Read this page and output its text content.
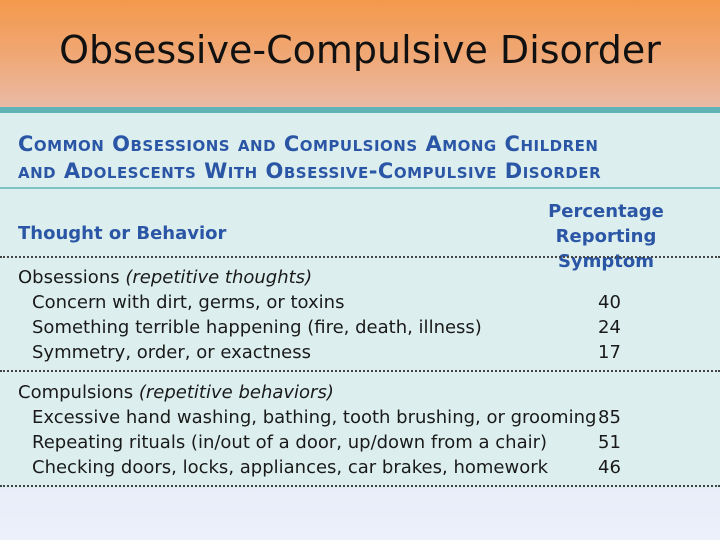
Obsessive-Compulsive Disorder
Common Obsessions and Compulsions Among Children
and Adolescents With Obsessive-Compulsive Disorder
Thought or Behavior
Percentage Reporting
Symptom
Obsessions (repetitive thoughts)
Concern with dirt, germs, or toxins	40
Something terrible happening (fire, death, illness)	24
Symmetry, order, or exactness	17
Compulsions (repetitive behaviors)
Excessive hand washing, bathing, tooth brushing, or grooming 85
Repeating rituals (in/out of a door, up/down from a chair)	51
Checking doors, locks, appliances, car brakes, homework	46
